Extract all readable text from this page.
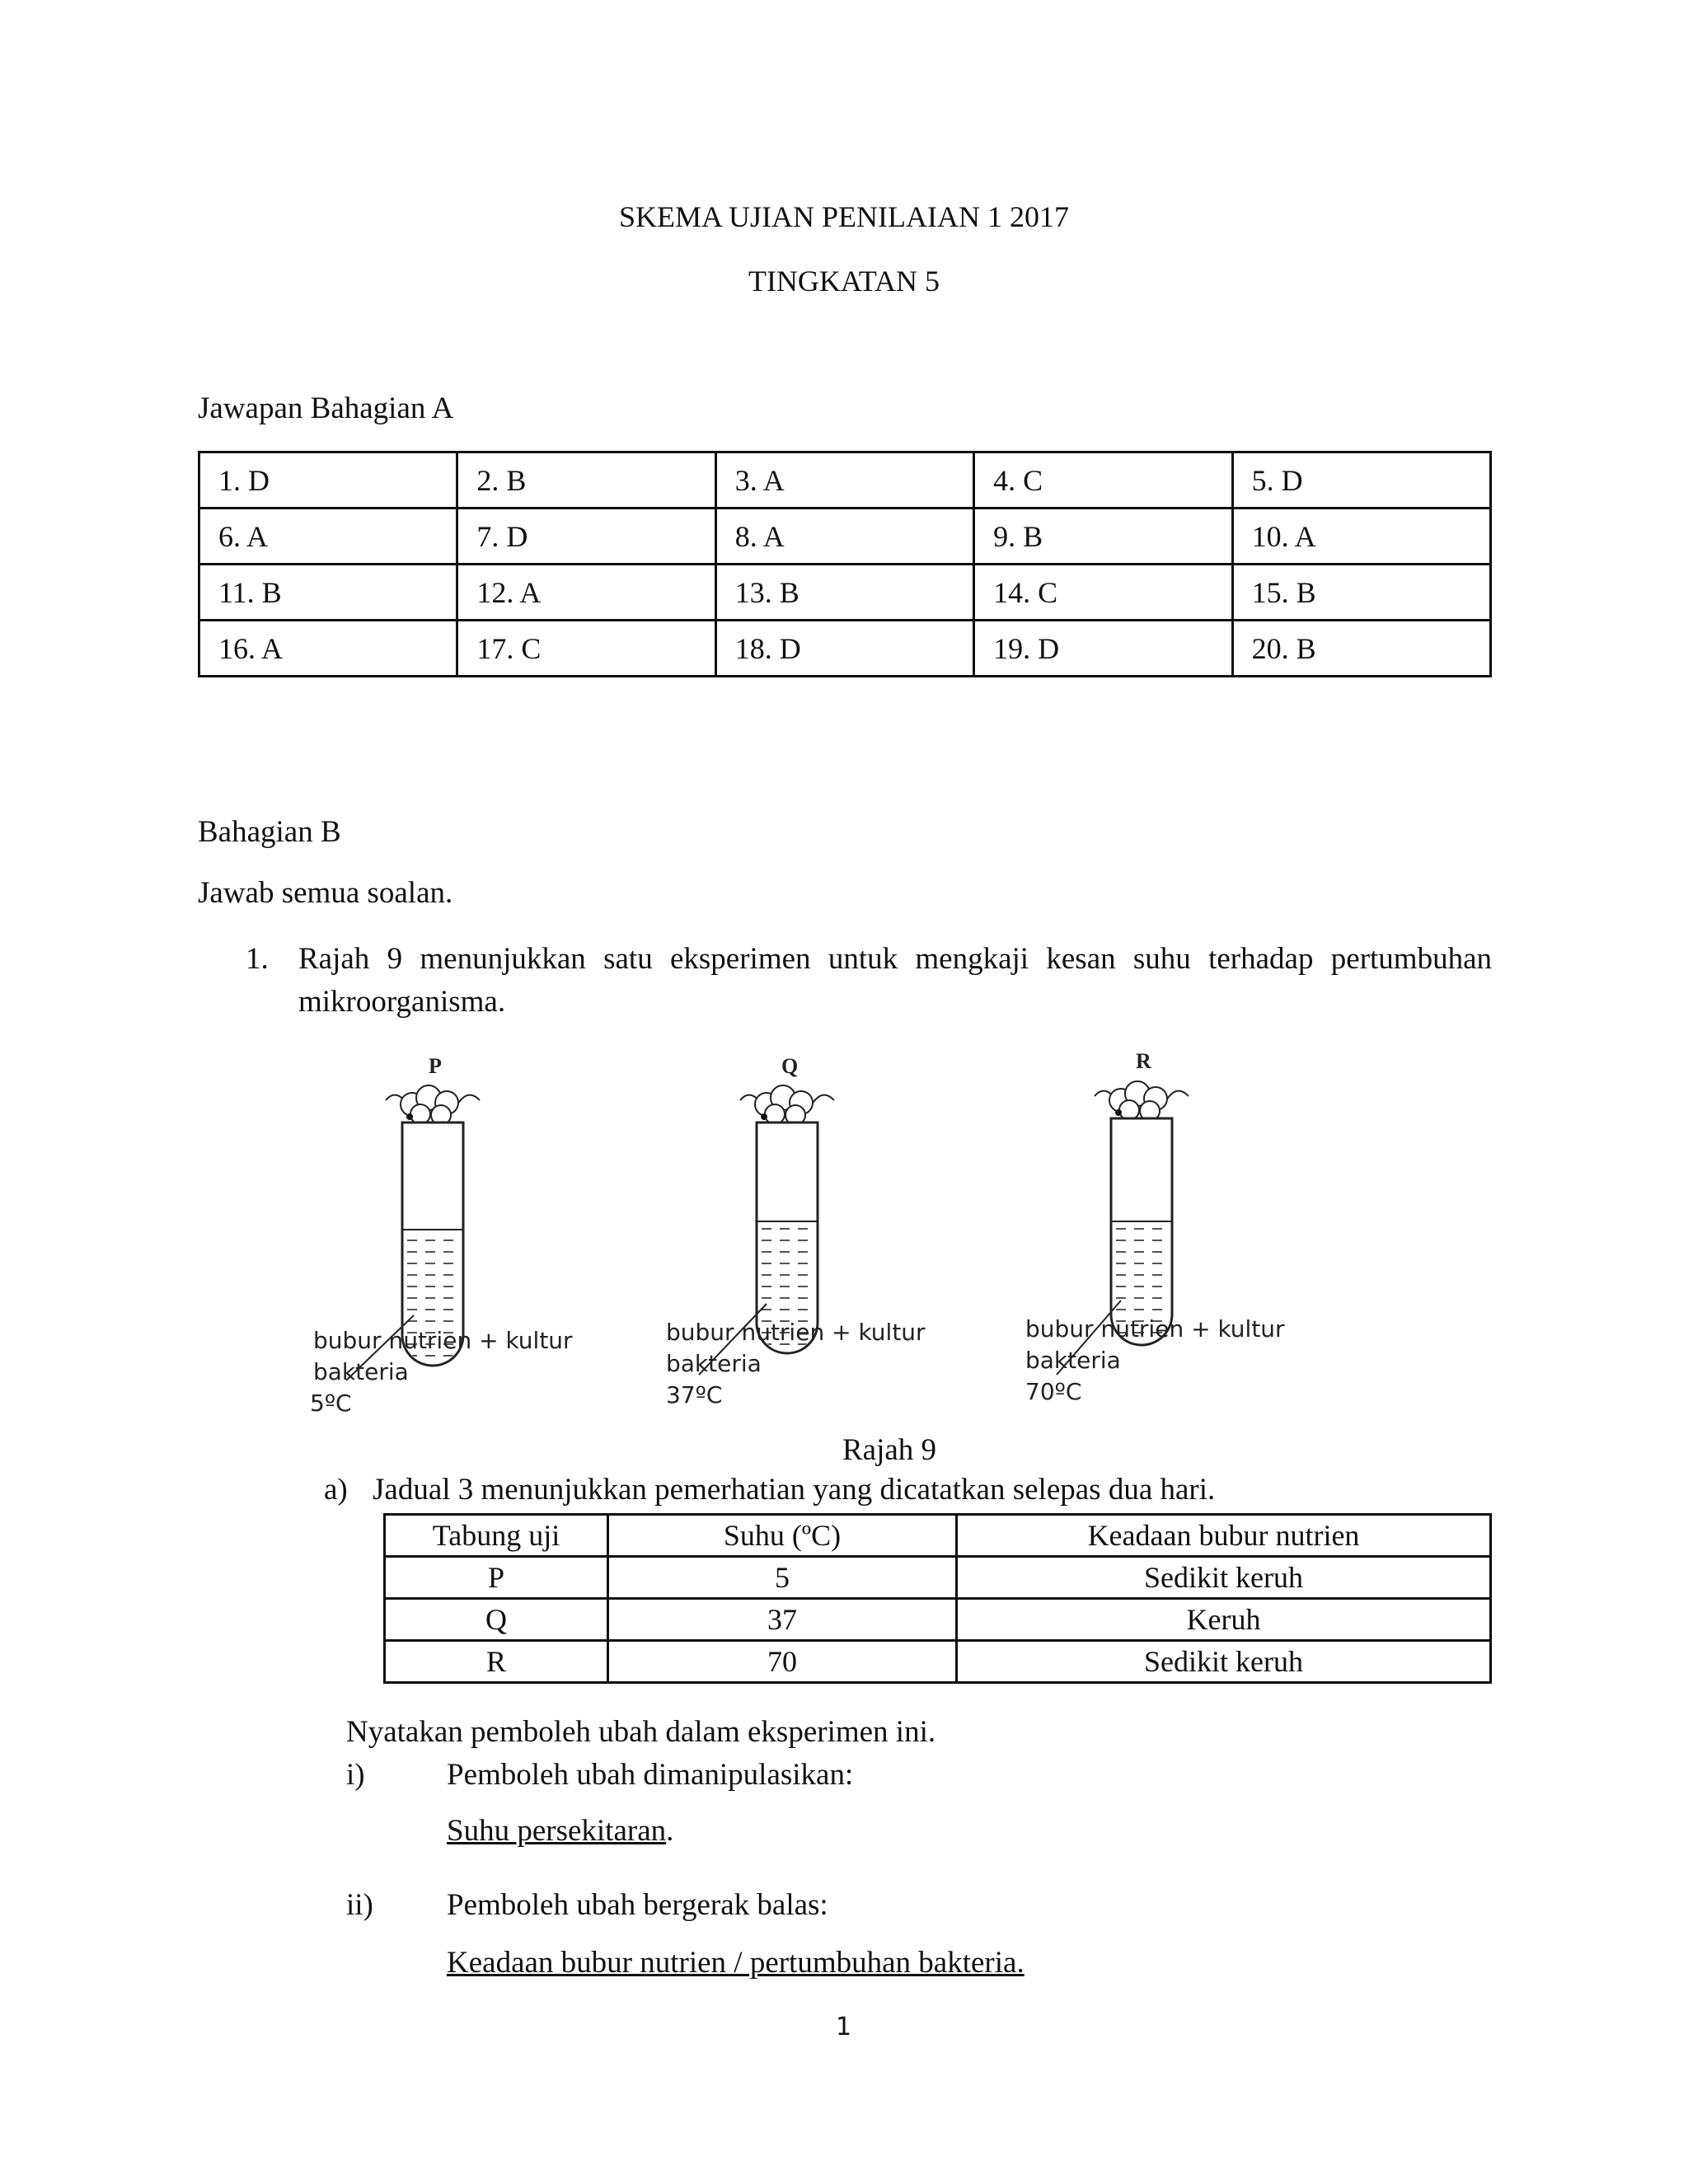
SKEMA UJIAN PENILAIAN 1 2017
TINGKATAN 5
Jawapan Bahagian A
1. D	2. B	3. A	4. C	5. D
6. A	7. D	8. A	9. B	10. A
11. B	12. A	13. B	14. C	15. B
16. A	17. C	18. D	19. D	20. B
Bahagian B
Jawab semua soalan.
1. Rajah 9 menunjukkan satu eksperimen untuk mengkaji kesan suhu terhadap pertumbuhan
mikroorganisma.
P
bubur nutrien + kultur
bakteria
5ºC
Q
bubur nutrien + kultur
bakteria
37ºC
R
bubur nutrien + kultur
bakteria
70ºC
Rajah 9
a) Jadual 3 menunjukkan pemerhatian yang dicatatkan selepas dua hari.
Tabung uji	Suhu (ºC)	Keadaan bubur nutrien
P	5	Sedikit keruh
Q	37	Keruh
R	70	Sedikit keruh
Nyatakan pemboleh ubah dalam eksperimen ini.
i)	Pemboleh ubah dimanipulasikan:
Suhu persekitaran.
ii) Pemboleh ubah bergerak balas:
Keadaan bubur nutrien / pertumbuhan bakteria.
1
